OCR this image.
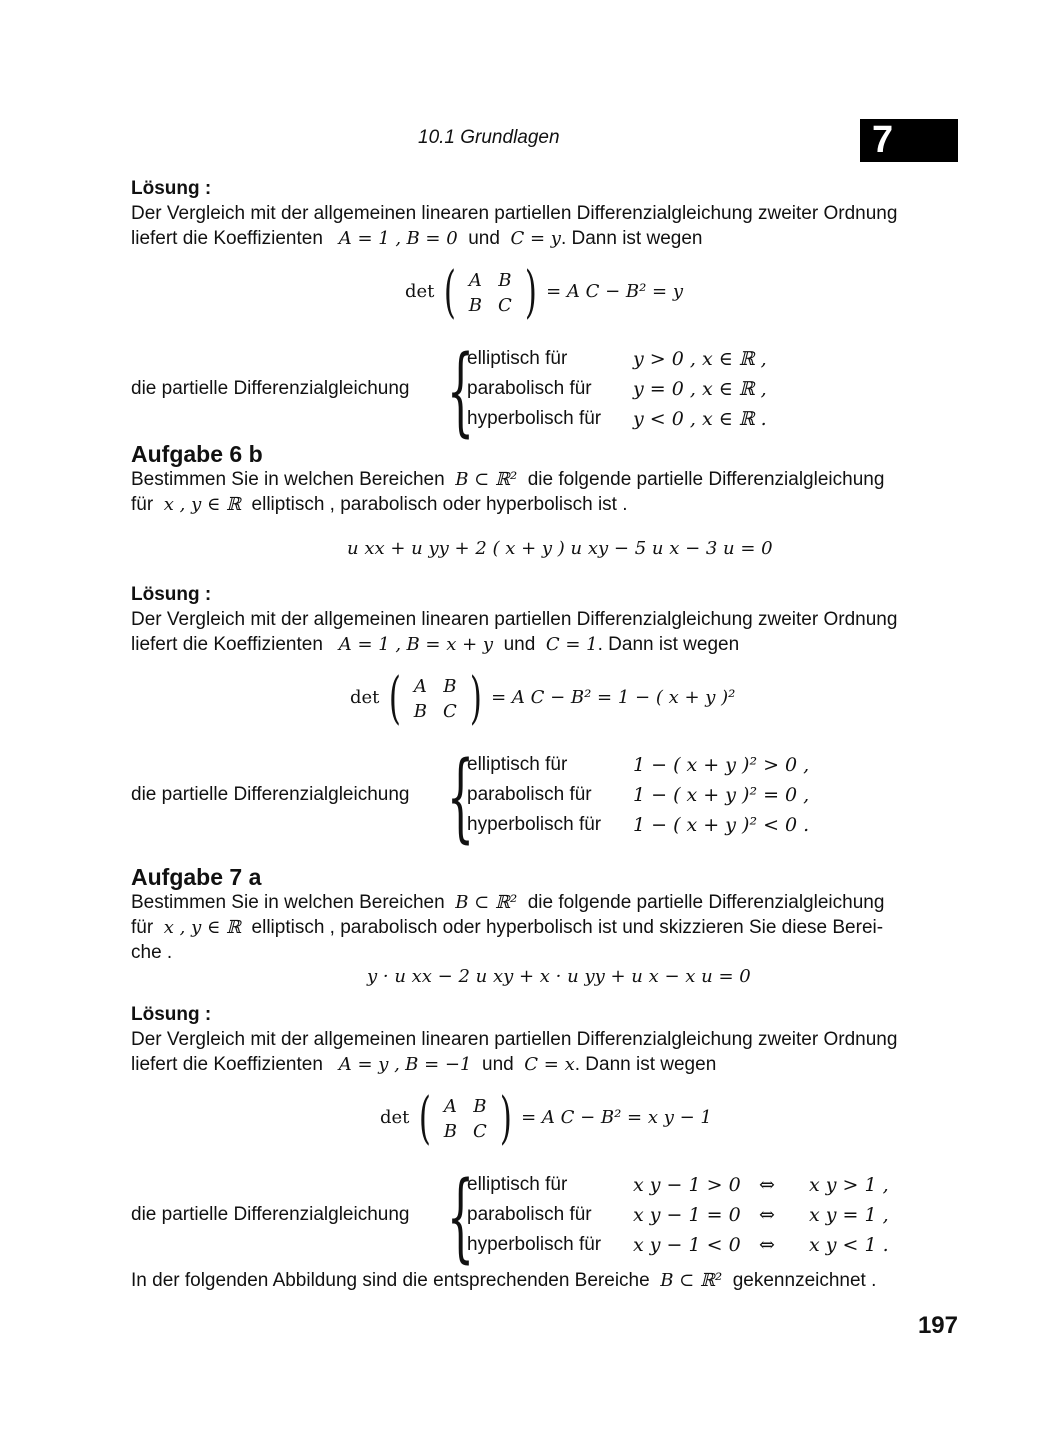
10.1 Grundlagen	7

Lösung :

Der Vergleich mit der allgemeinen linearen partiellen Differenzialgleichung zweiter Ordnung

liefert die Koeffizienten A = 1 , B = 0 und C = y. Dann ist wegen

det ( A	B
B	C ) = A C − B² = y
die partielle Differenzialgleichung {
elliptisch für	y > 0 , x ∈ ℝ ,
parabolisch für	y = 0 , x ∈ ℝ ,
hyperbolisch für	y < 0 , x ∈ ℝ .
Aufgabe 6 b

Bestimmen Sie in welchen Bereichen B ⊂ ℝ² die folgende partielle Differenzialgleichung

für x , y ∈ ℝ elliptisch , parabolisch oder hyperbolisch ist .

u xx + u yy + 2 ( x + y ) u xy − 5 u x − 3 u = 0

Lösung :

Der Vergleich mit der allgemeinen linearen partiellen Differenzialgleichung zweiter Ordnung

liefert die Koeffizienten A = 1 , B = x + y und C = 1. Dann ist wegen

det ( A	B
B	C ) = A C − B² = 1 − ( x + y )²
die partielle Differenzialgleichung {
elliptisch für	1 − ( x + y )² > 0 ,
parabolisch für	1 − ( x + y )² = 0 ,
hyperbolisch für	1 − ( x + y )² < 0 .
Aufgabe 7 a

Bestimmen Sie in welchen Bereichen B ⊂ ℝ² die folgende partielle Differenzialgleichung

für x , y ∈ ℝ elliptisch , parabolisch oder hyperbolisch ist und skizzieren Sie diese Berei-

che .

y · u xx − 2 u xy + x · u yy + u x − x u = 0

Lösung :

Der Vergleich mit der allgemeinen linearen partiellen Differenzialgleichung zweiter Ordnung

liefert die Koeffizienten A = y , B = −1 und C = x. Dann ist wegen

det ( A	B
B	C ) = A C − B² = x y − 1
die partielle Differenzialgleichung {
elliptisch für	x y − 1 > 0	⇔	x y > 1 ,
parabolisch für	x y − 1 = 0	⇔	x y = 1 ,
hyperbolisch für	x y − 1 < 0	⇔	x y < 1 .

In der folgenden Abbildung sind die entsprechenden Bereiche B ⊂ ℝ² gekennzeichnet .

197
